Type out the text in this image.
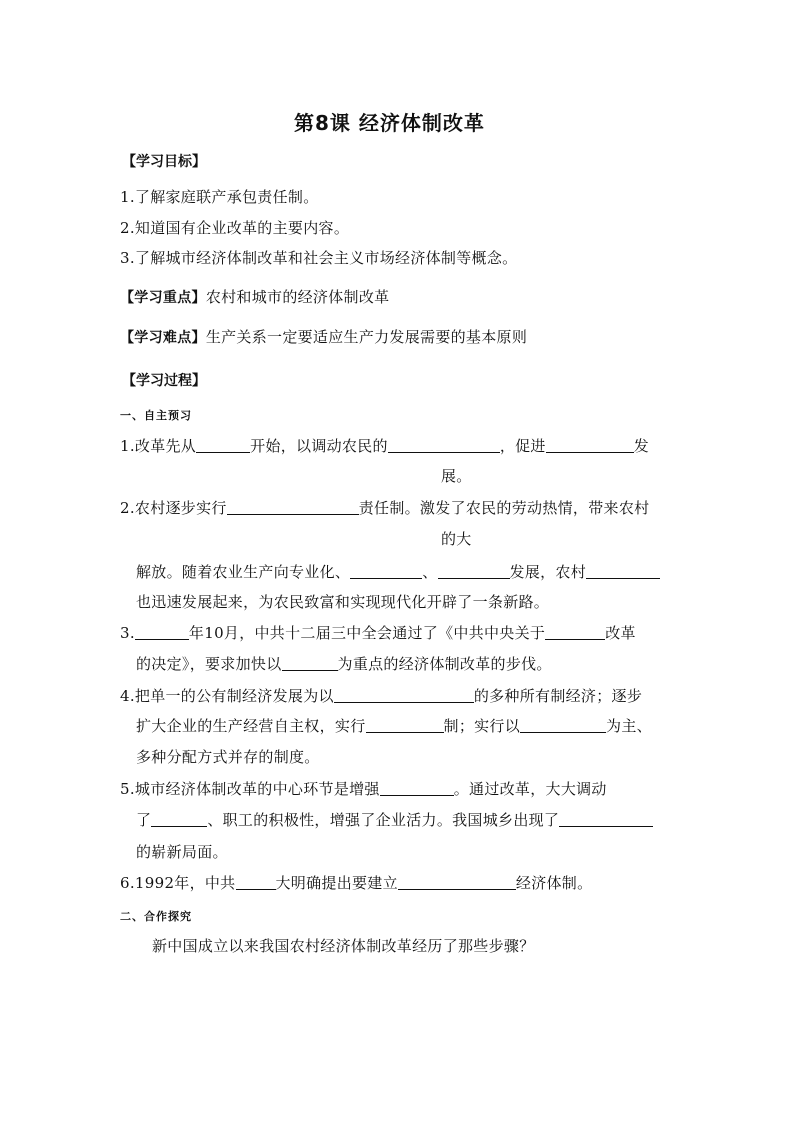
第8课 经济体制改革
【学习目标】
1.了解家庭联产承包责任制。
2.知道国有企业改革的主要内容。
3.了解城市经济体制改革和社会主义市场经济体制等概念。
【学习重点】农村和城市的经济体制改革
【学习难点】生产关系一定要适应生产力发展需要的基本原则
【学习过程】
一、自主预习
1.改革先从	开始，以调动农民的	，促进	发
展。
2.农村逐步实行	责任制。激发了农民的劳动热情，带来农村
的大
解放。随着农业生产向专业化、	、	发展，农村
也迅速发展起来，为农民致富和实现现代化开辟了一条新路。
3.	年10月，中共十二届三中全会通过了《中共中央关于	改革
的决定》，要求加快以	为重点的经济体制改革的步伐。
4.把单一的公有制经济发展为以	的多种所有制经济；逐步
扩大企业的生产经营自主权，实行	制；实行以	为主、
多种分配方式并存的制度。
5.城市经济体制改革的中心环节是增强	。通过改革，大大调动
了	、职工的积极性，增强了企业活力。我国城乡出现了
的崭新局面。
6.1992年，中共	大明确提出要建立	经济体制。
二、合作探究
新中国成立以来我国农村经济体制改革经历了那些步骤？
